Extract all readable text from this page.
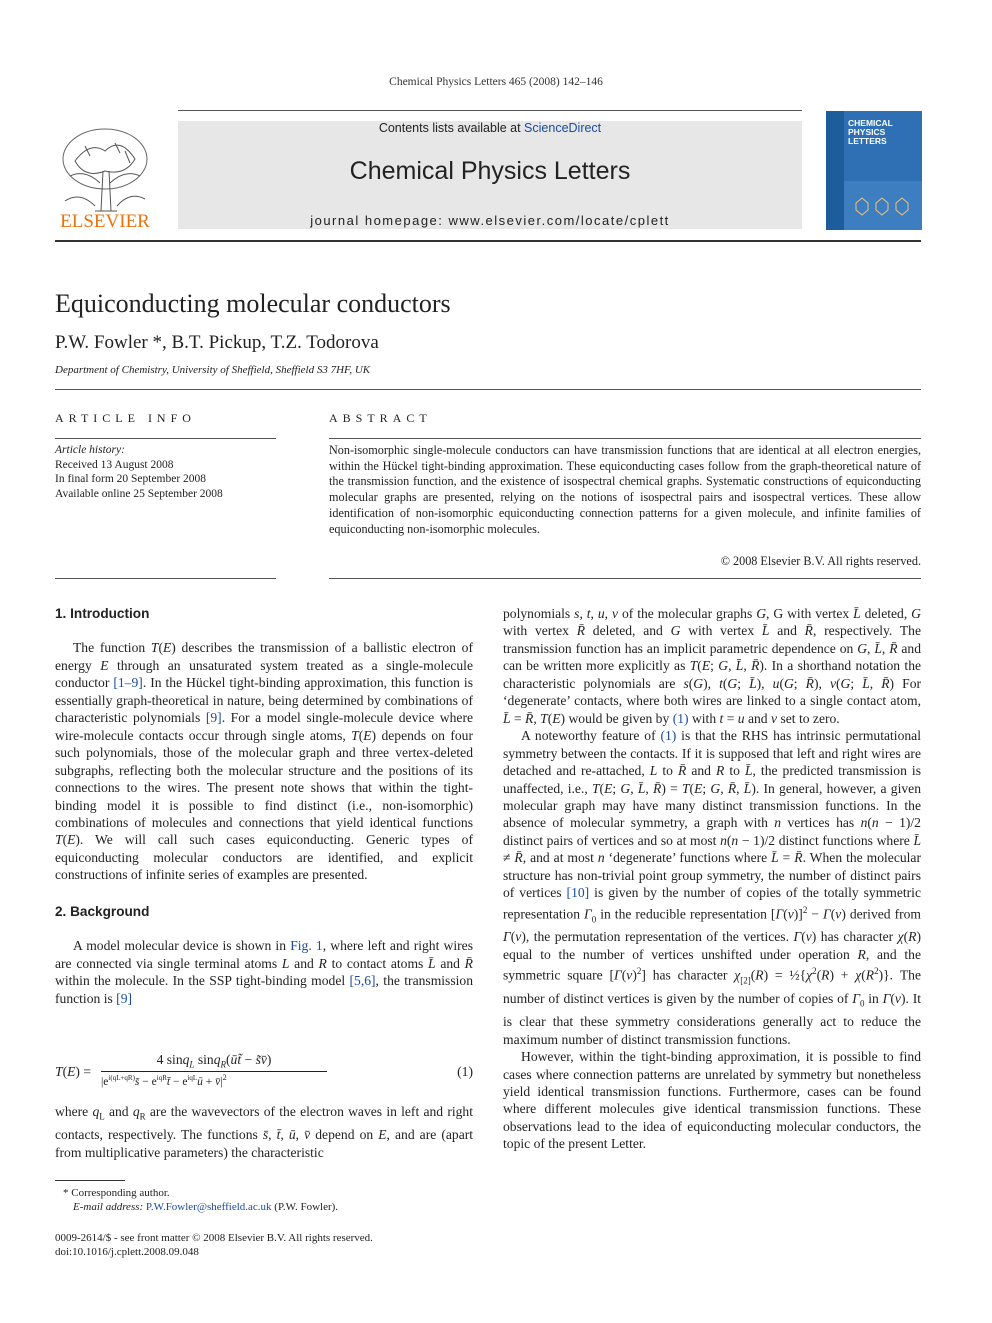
Chemical Physics Letters 465 (2008) 142–146
ELSEVIER
Contents lists available at ScienceDirect
Chemical Physics Letters
journal homepage: www.elsevier.com/locate/cplett
CHEMICAL PHYSICS LETTERS
Equiconducting molecular conductors
P.W. Fowler *, B.T. Pickup, T.Z. Todorova
Department of Chemistry, University of Sheffield, Sheffield S3 7HF, UK
ARTICLE INFO
Article history:
Received 13 August 2008
In final form 20 September 2008
Available online 25 September 2008
ABSTRACT
Non-isomorphic single-molecule conductors can have transmission functions that are identical at all electron energies, within the Hückel tight-binding approximation. These equiconducting cases follow from the graph-theoretical nature of the transmission function, and the existence of isospectral chemical graphs. Systematic constructions of equiconducting molecular graphs are presented, relying on the notions of isospectral pairs and isospectral vertices. These allow identification of non-isomorphic equiconducting connection patterns for a given molecule, and infinite families of equiconducting non-isomorphic molecules.
© 2008 Elsevier B.V. All rights reserved.
1. Introduction

The function T(E) describes the transmission of a ballistic electron of energy E through an unsaturated system treated as a single-molecule conductor [1–9]. In the Hückel tight-binding approximation, this function is essentially graph-theoretical in nature, being determined by combinations of characteristic polynomials [9]. For a model single-molecule device where wire-molecule contacts occur through single atoms, T(E) depends on four such polynomials, those of the molecular graph and three vertex-deleted subgraphs, reflecting both the molecular structure and the positions of its connections to the wires. The present note shows that within the tight-binding model it is possible to find distinct (i.e., non-isomorphic) combinations of molecules and connections that yield identical functions T(E). We will call such cases equiconducting. Generic types of equiconducting molecular conductors are identified, and explicit constructions of infinite series of examples are presented.

2. Background

A model molecular device is shown in Fig. 1, where left and right wires are connected via single terminal atoms L and R to contact atoms L̄ and R̄ within the molecule. In the SSP tight-binding model [5,6], the transmission function is [9]

T(E) =
4 sinq$_L$ sinq$_R$(ūt̃ − s̃v̄)
$|e^{i(qL+qR)}s̄$ − $e^{iqR}t̄$ − $e^{iqL}ū$ + $v̄|^2$	(1)

where $q_L$ and $q_R$ are the wavevectors of the electron waves in left and right contacts, respectively. The functions s̄, t̄, ū, v̄ depend on E, and are (apart from multiplicative parameters) the characteristic

polynomials s, t, u, v of the molecular graphs G, G with vertex L̄ deleted, G with vertex R̄ deleted, and G with vertex L̄ and R̄, respectively. The transmission function has an implicit parametric dependence on G, L̄, R̄ and can be written more explicitly as T(E; G, L̄, R̄). In a shorthand notation the characteristic polynomials are s(G), t(G; L̄), u(G; R̄), v(G; L̄, R̄) For ‘degenerate’ contacts, where both wires are linked to a single contact atom, L̄ = R̄, T(E) would be given by (1) with t = u and v set to zero.

A noteworthy feature of (1) is that the RHS has intrinsic permutational symmetry between the contacts. If it is supposed that left and right wires are detached and re-attached, L to R̄ and R to L̄, the predicted transmission is unaffected, i.e., T(E; G, L̄, R̄) = T(E; G, R̄, L̄). In general, however, a given molecular graph may have many distinct transmission functions. In the absence of molecular symmetry, a graph with n vertices has n(n − 1)/2 distinct pairs of vertices and so at most n(n − 1)/2 distinct functions where L̄ ≠ R̄, and at most n ‘degenerate’ functions where L̄ = R̄. When the molecular structure has non-trivial point group symmetry, the number of distinct pairs of vertices [10] is given by the number of copies of the totally symmetric representation $\Gamma_0$ in the reducible representation $[\Gamma(v)]^2 - \Gamma(v)$ derived from Γ(v), the permutation representation of the vertices. Γ(v) has character χ(R) equal to the number of vertices unshifted under operation R, and the symmetric square $[\Gamma(v)^2]$ has character $\chi_{[2]}(R)$ = $\frac{1}{2}\{\chi^2(R) + \chi(R^2)\}$. The number of distinct vertices is given by the number of copies of $\Gamma_0$ in Γ(v). It is clear that these symmetry considerations generally act to reduce the maximum number of distinct transmission functions.

However, within the tight-binding approximation, it is possible to find cases where connection patterns are unrelated by symmetry but nonetheless yield identical transmission functions. Furthermore, cases can be found where different molecules give identical transmission functions. These observations lead to the idea of equiconducting molecular conductors, the topic of the present Letter.

* Corresponding author.
E-mail address: P.W.Fowler@sheffield.ac.uk (P.W. Fowler).
0009-2614/$ - see front matter © 2008 Elsevier B.V. All rights reserved.
doi:10.1016/j.cplett.2008.09.048
